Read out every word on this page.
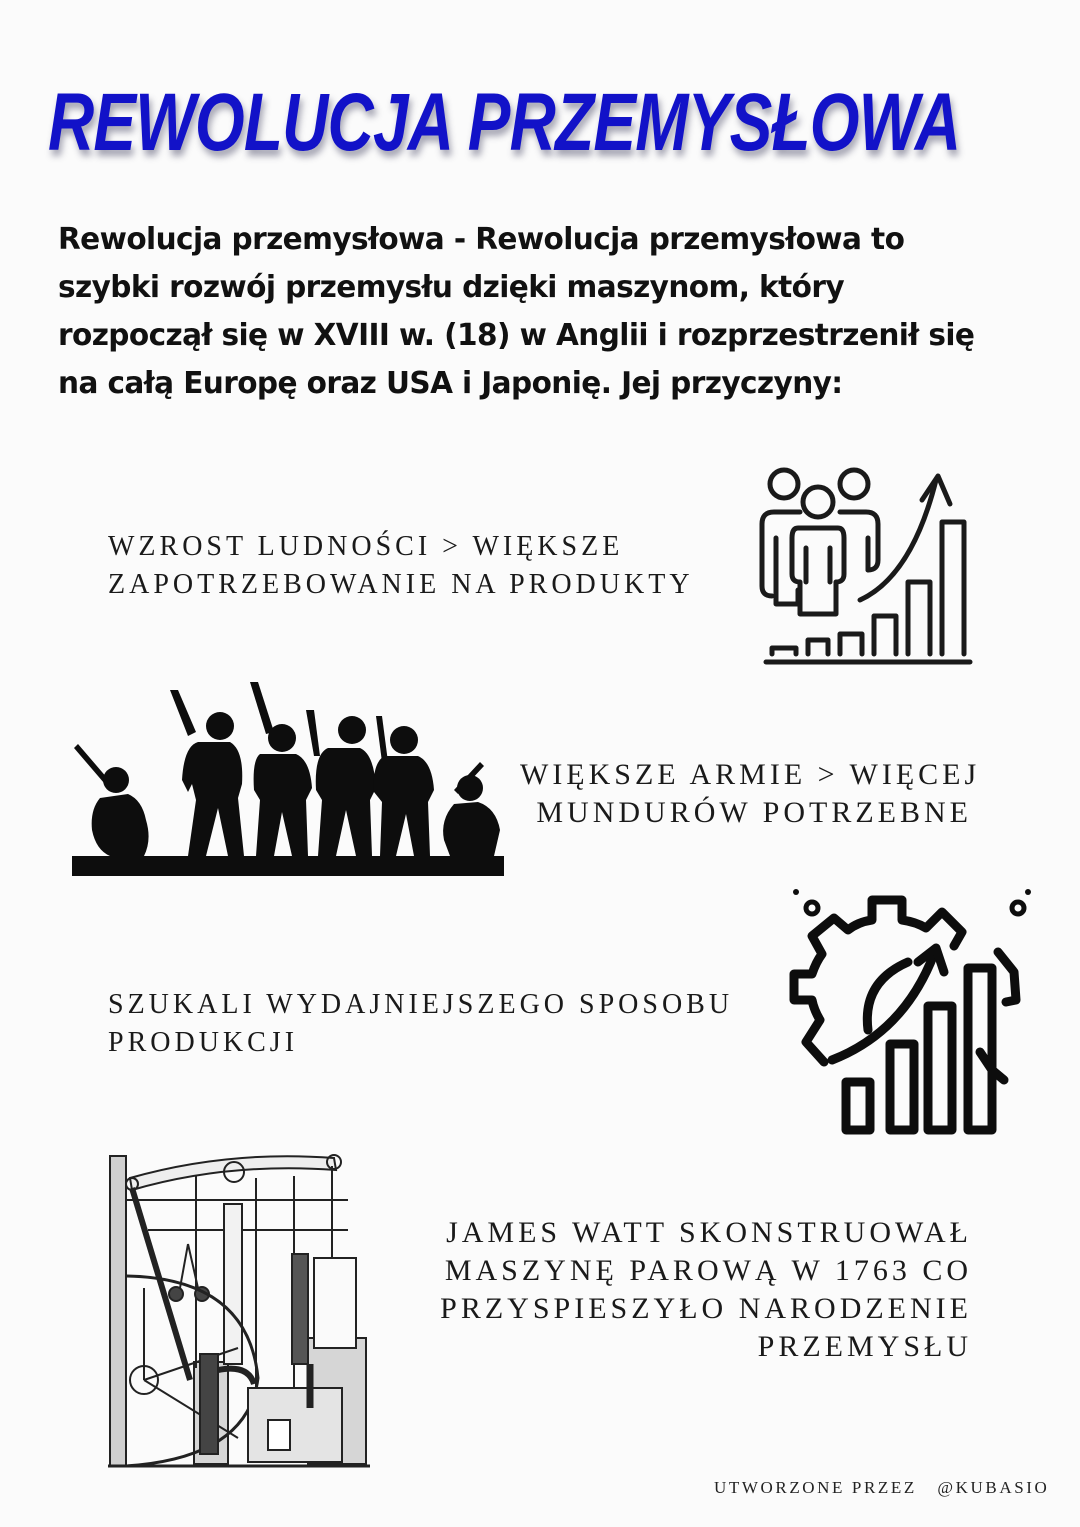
REWOLUCJA PRZEMYSŁOWA
Rewolucja przemysłowa - Rewolucja przemysłowa to
szybki rozwój przemysłu dzięki maszynom, który
rozpoczął się w XVIII w. (18) w Anglii i rozprzestrzenił się
na całą Europę oraz USA i Japonię. Jej przyczyny:
WZROST LUDNOŚCI > WIĘKSZE
ZAPOTRZEBOWANIE NA PRODUKTY
WIĘKSZE ARMIE > WIĘCEJ
MUNDURÓW POTRZEBNE
SZUKALI WYDAJNIEJSZEGO SPOSOBU
PRODUKCJI
JAMES WATT SKONSTRUOWAŁ
MASZYNĘ PAROWĄ W 1763 CO
PRZYSPIESZYŁO NARODZENIE
PRZEMYSŁU
UTWORZONE PRZEZ @KUBASIO
